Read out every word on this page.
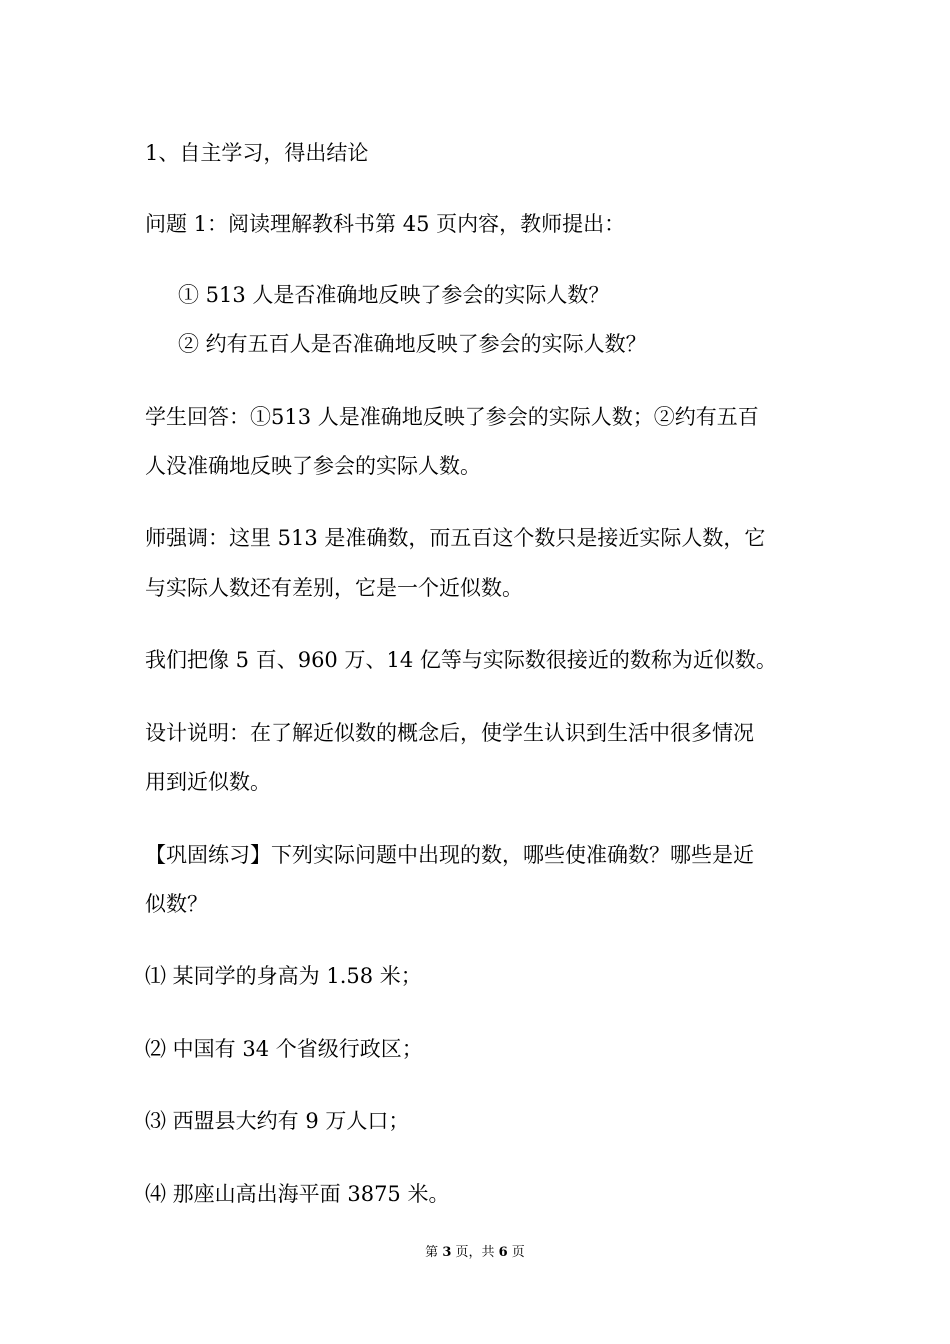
1、自主学习，得出结论
问题 1：阅读理解教科书第 45 页内容，教师提出：
① 513 人是否准确地反映了参会的实际人数？
② 约有五百人是否准确地反映了参会的实际人数？
学生回答：①513 人是准确地反映了参会的实际人数；②约有五百
人没准确地反映了参会的实际人数。
师强调：这里 513 是准确数，而五百这个数只是接近实际人数，它
与实际人数还有差别，它是一个近似数。
我们把像 5 百、960 万、14 亿等与实际数很接近的数称为近似数。
设计说明：在了解近似数的概念后，使学生认识到生活中很多情况
用到近似数。
【巩固练习】下列实际问题中出现的数，哪些使准确数？哪些是近
似数？
⑴ 某同学的身高为 1.58 米；
⑵ 中国有 34 个省级行政区；
⑶ 西盟县大约有 9 万人口；
⑷ 那座山高出海平面 3875 米。
第 3 页，共 6 页
